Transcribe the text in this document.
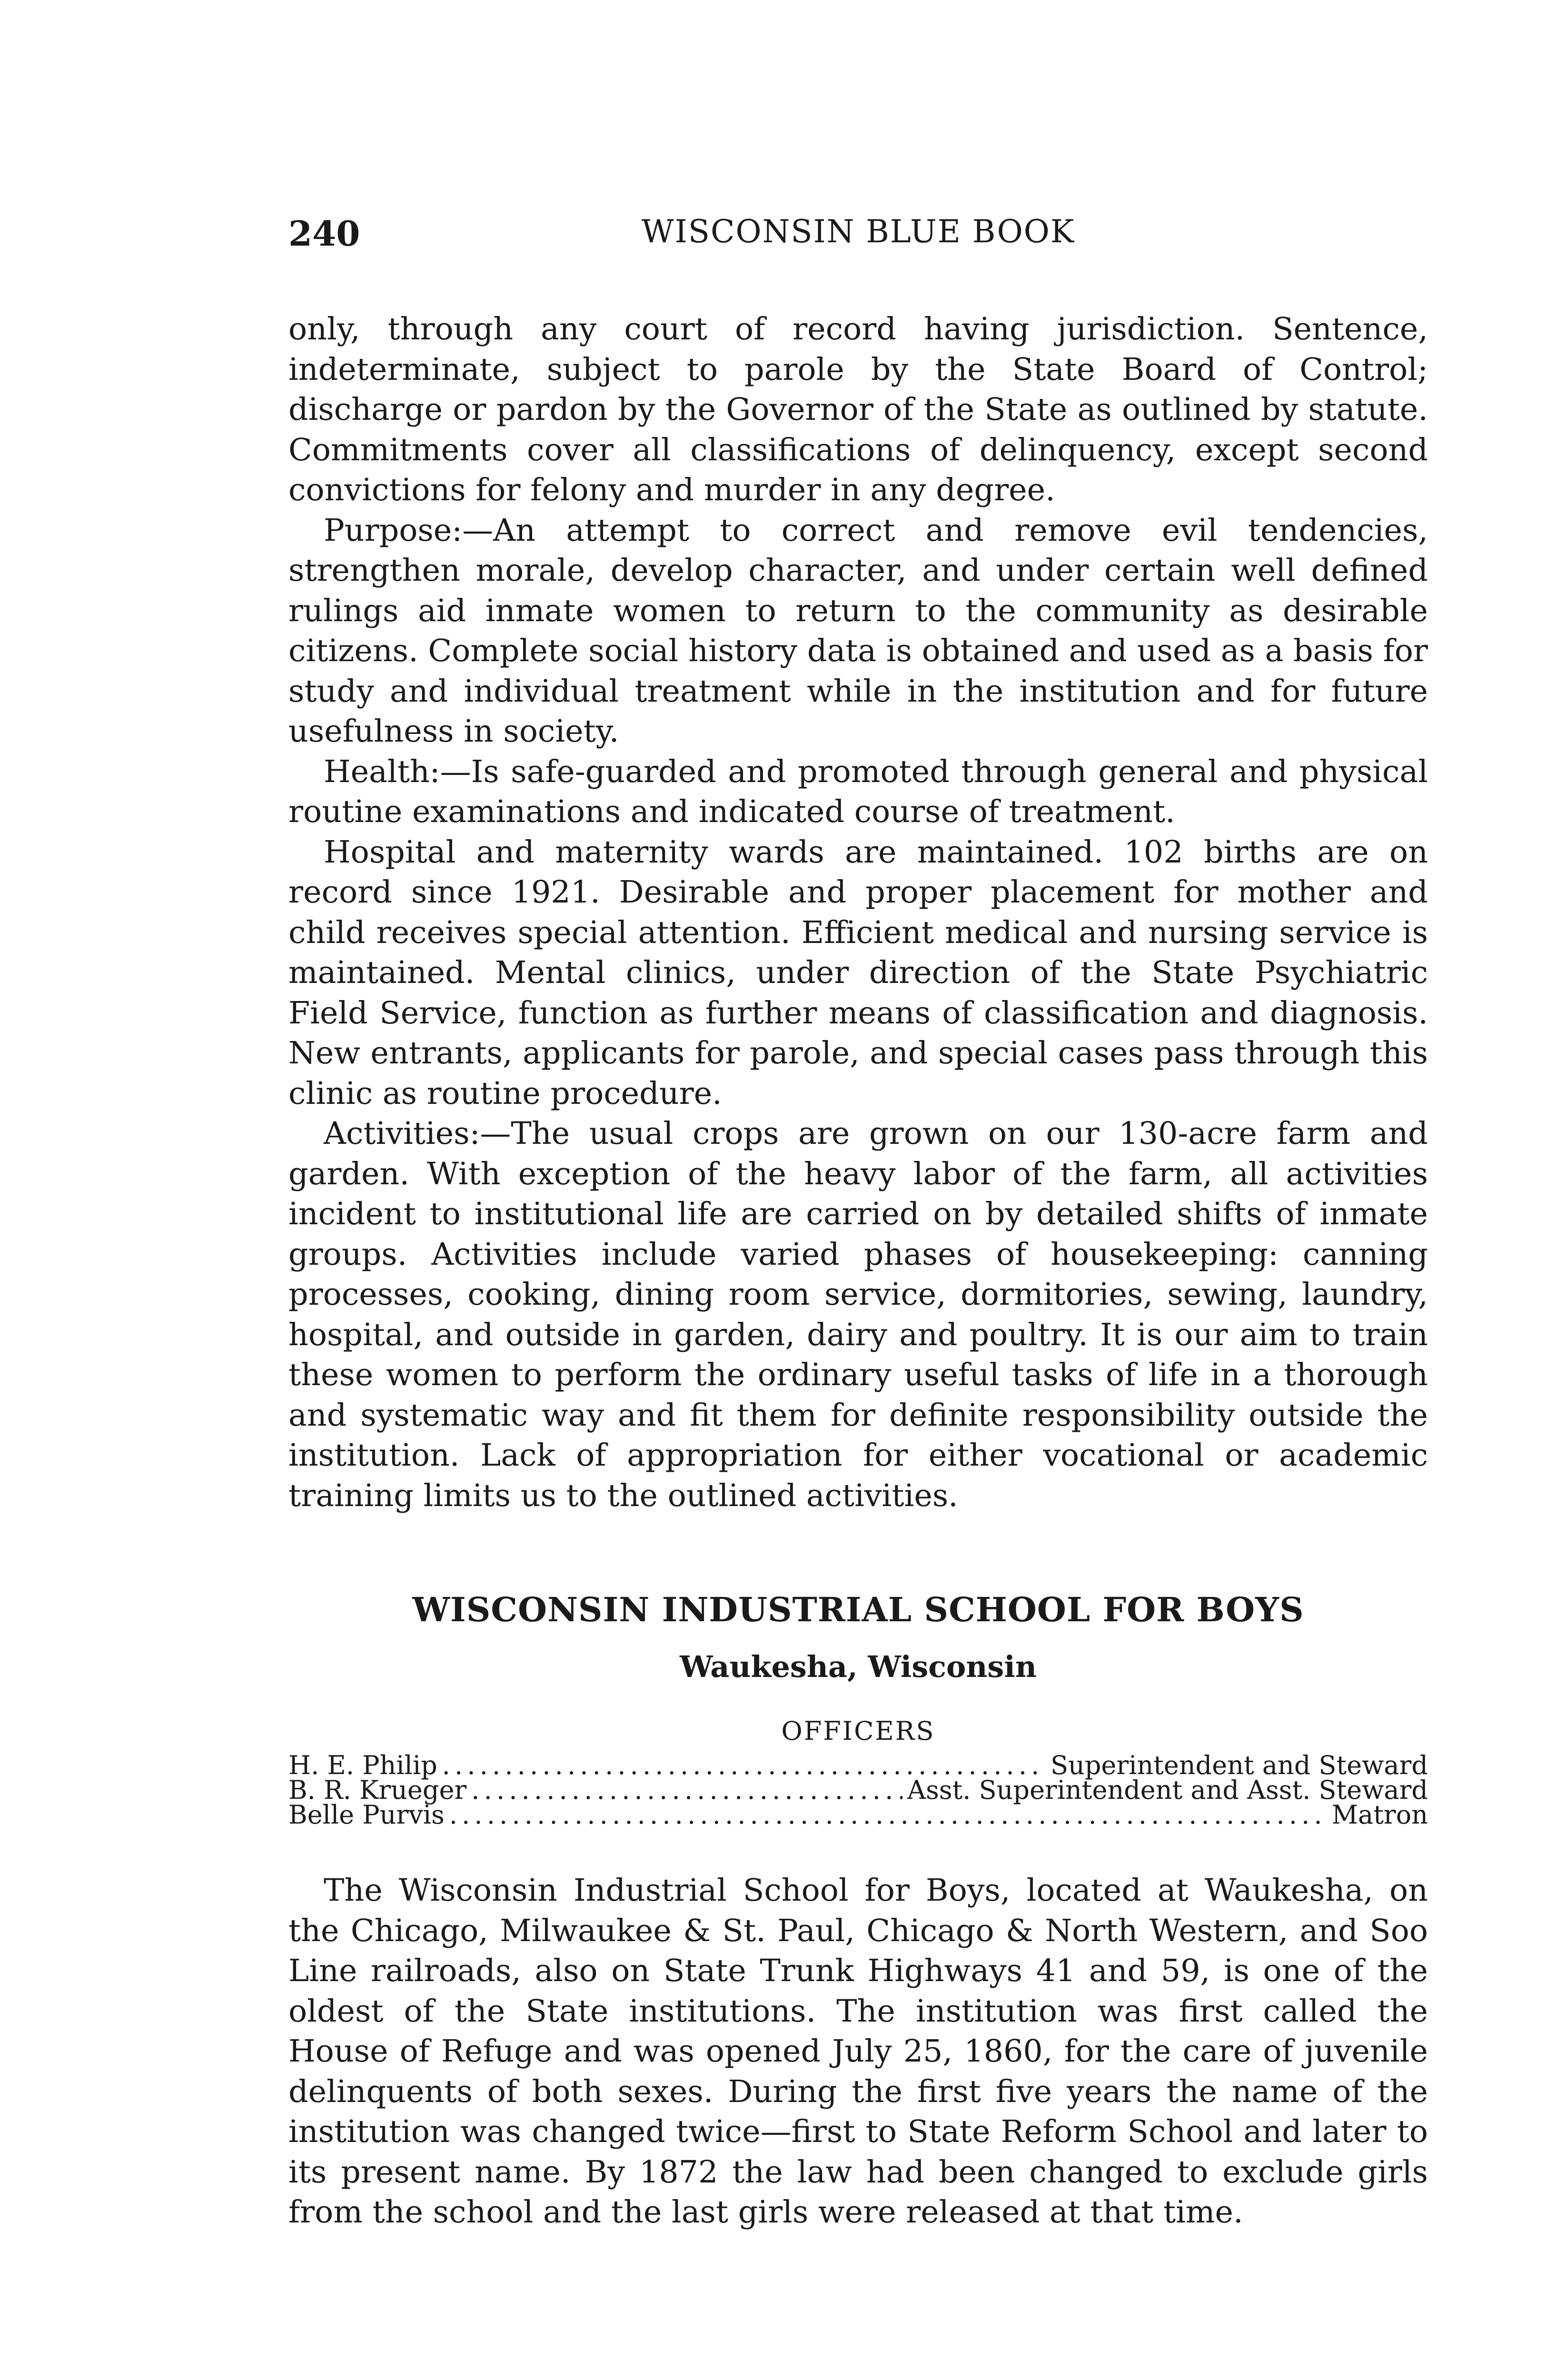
240	WISCONSIN BLUE BOOK

only, through any court of record having jurisdiction. Sentence, indeterminate, subject to parole by the State Board of Control; discharge or pardon by the Governor of the State as outlined by statute. Commitments cover all classifications of delinquency, except second convictions for felony and murder in any degree.

Purpose:—An attempt to correct and remove evil tendencies, strengthen morale, develop character, and under certain well defined rulings aid inmate women to return to the community as desirable citizens. Complete social history data is obtained and used as a basis for study and individual treatment while in the institution and for future usefulness in society.

Health:—Is safe-guarded and promoted through general and physical routine examinations and indicated course of treatment.

Hospital and maternity wards are maintained. 102 births are on record since 1921. Desirable and proper placement for mother and child receives special attention. Efficient medical and nursing service is maintained. Mental clinics, under direction of the State Psychiatric Field Service, function as further means of classification and diagnosis. New entrants, applicants for parole, and special cases pass through this clinic as routine procedure.

Activities:—The usual crops are grown on our 130-acre farm and garden. With exception of the heavy labor of the farm, all activities incident to institutional life are carried on by detailed shifts of inmate groups. Activities include varied phases of housekeeping: canning processes, cooking, dining room service, dormitories, sewing, laundry, hospital, and outside in garden, dairy and poultry. It is our aim to train these women to perform the ordinary useful tasks of life in a thorough and systematic way and fit them for definite responsibility outside the institution. Lack of appropriation for either vocational or academic training limits us to the outlined activities.

WISCONSIN INDUSTRIAL SCHOOL FOR BOYS
Waukesha, Wisconsin
OFFICERS
H. E. Philip . . .	Superintendent and Steward
B. R. Krueger . . .	Asst. Superintendent and Asst. Steward
Belle Purvis . . .	Matron

The Wisconsin Industrial School for Boys, located at Waukesha, on the Chicago, Milwaukee & St. Paul, Chicago & North Western, and Soo Line railroads, also on State Trunk Highways 41 and 59, is one of the oldest of the State institutions. The institution was first called the House of Refuge and was opened July 25, 1860, for the care of juvenile delinquents of both sexes. During the first five years the name of the institution was changed twice—first to State Reform School and later to its present name. By 1872 the law had been changed to exclude girls from the school and the last girls were released at that time.
